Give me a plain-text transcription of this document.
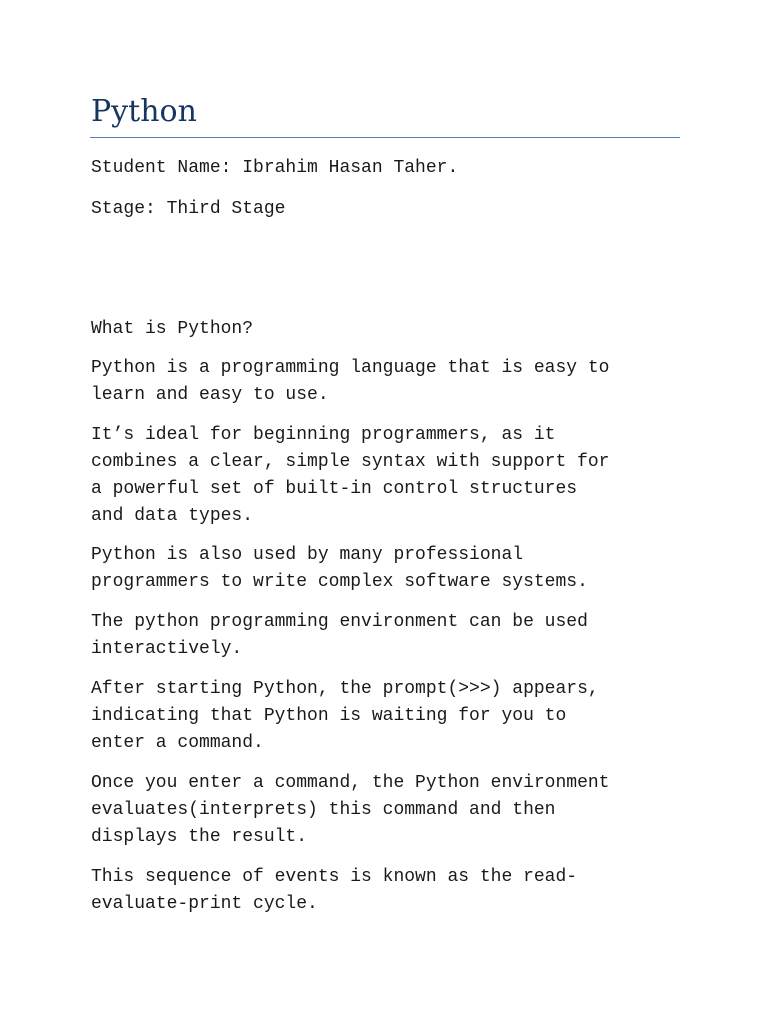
Python

Student Name: Ibrahim Hasan Taher.

Stage: Third Stage

What is Python?

Python is a programming language that is easy to
learn and easy to use.

It’s ideal for beginning programmers, as it
combines a clear, simple syntax with support for
a powerful set of built-in control structures
and data types.

Python is also used by many professional
programmers to write complex software systems.

The python programming environment can be used
interactively.

After starting Python, the prompt(>>>) appears,
indicating that Python is waiting for you to
enter a command.

Once you enter a command, the Python environment
evaluates(interprets) this command and then
displays the result.

This sequence of events is known as the read-
evaluate-print cycle.
